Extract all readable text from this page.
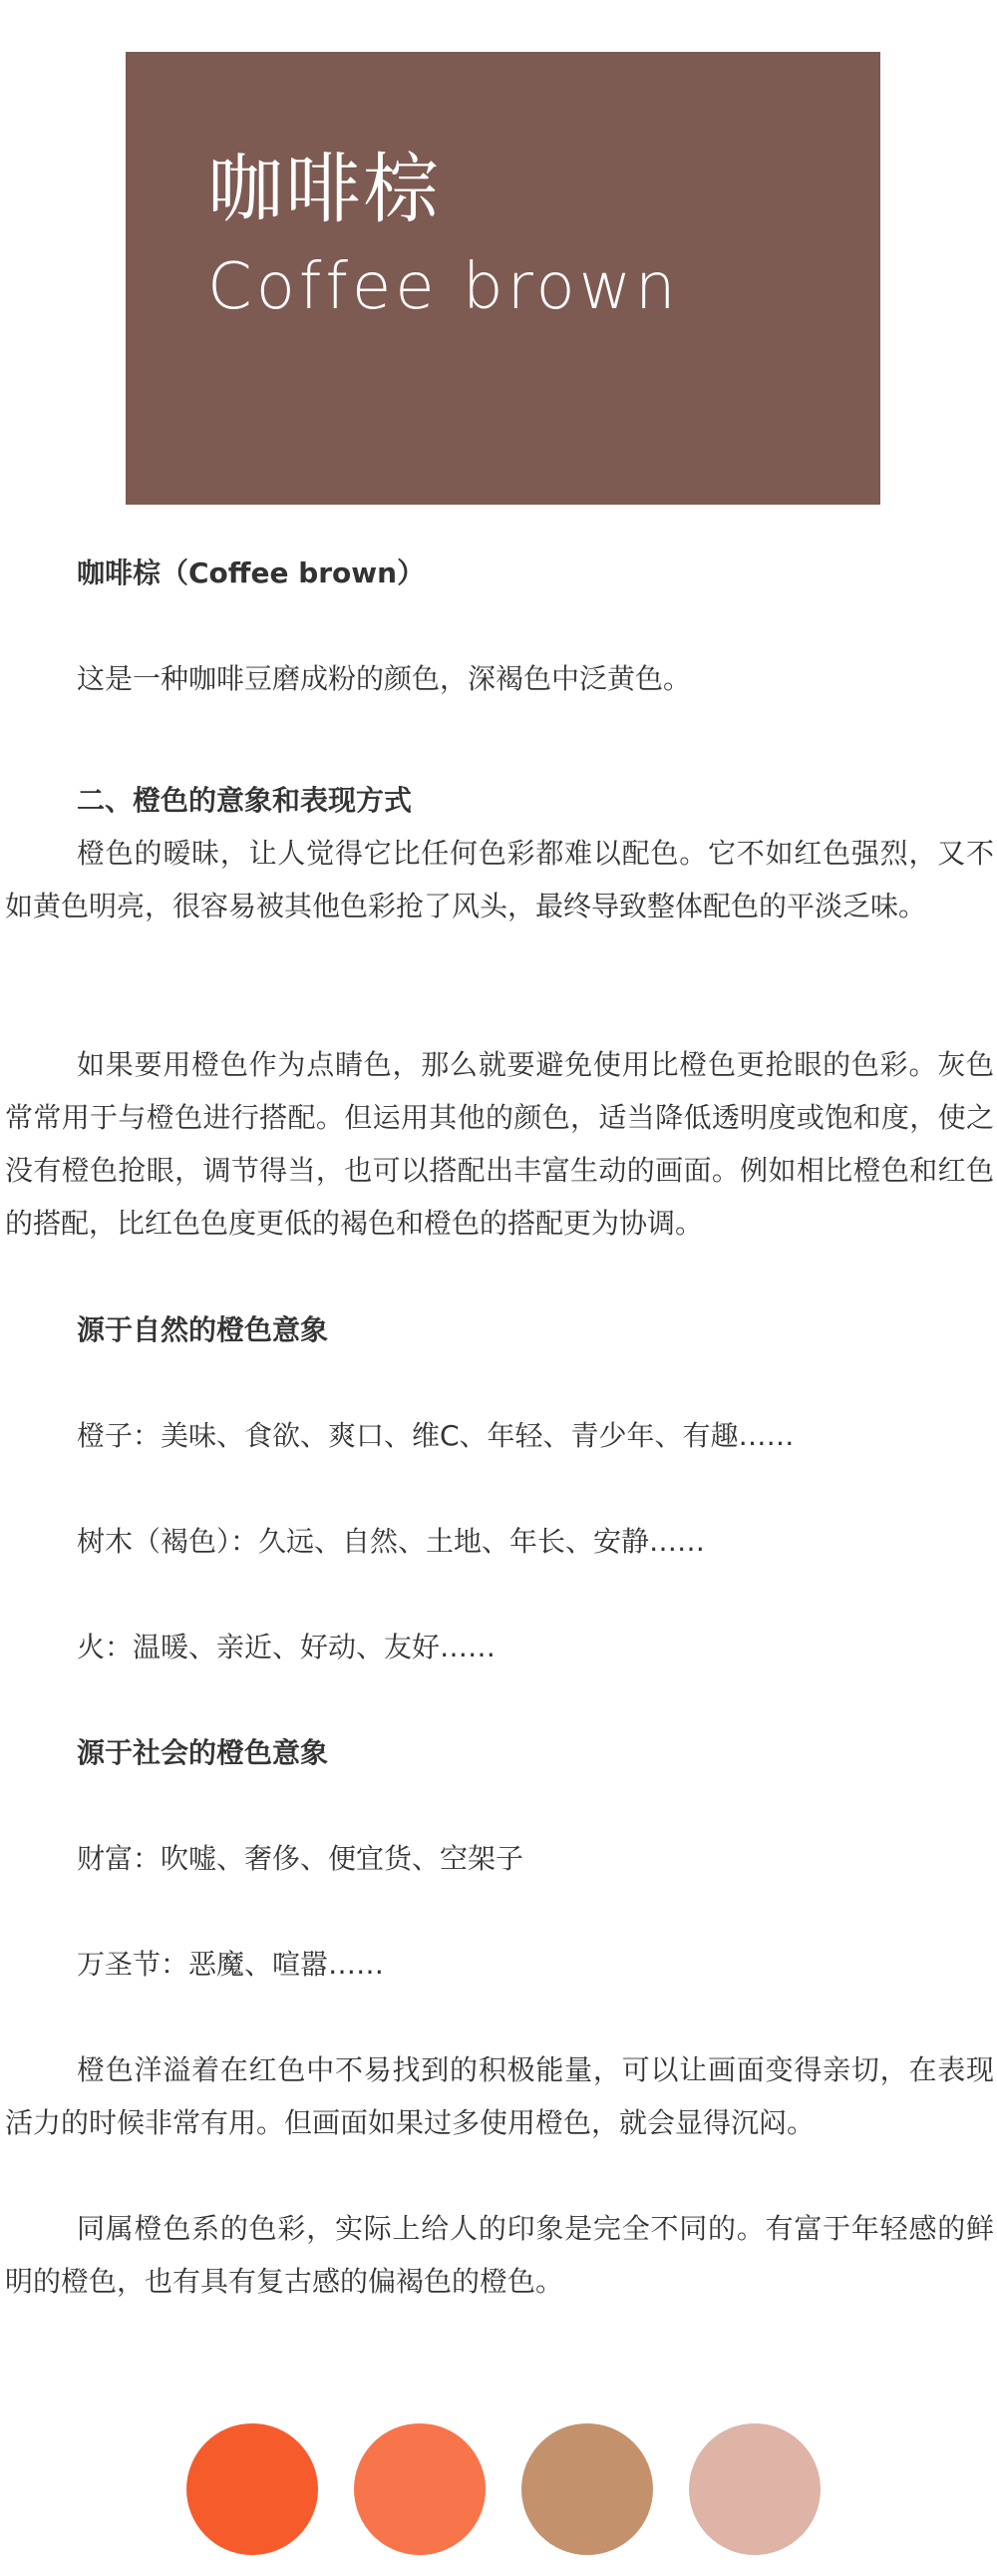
咖啡棕
Coffee brown

咖啡棕（Coffee brown）

这是一种咖啡豆磨成粉的颜色，深褐色中泛黄色。

二、橙色的意象和表现方式

橙色的暧昧，让人觉得它比任何色彩都难以配色。它不如红色强烈，又不如黄色明亮，很容易被其他色彩抢了风头，最终导致整体配色的平淡乏味。

如果要用橙色作为点睛色，那么就要避免使用比橙色更抢眼的色彩。灰色常常用于与橙色进行搭配。但运用其他的颜色，适当降低透明度或饱和度，使之没有橙色抢眼，调节得当，也可以搭配出丰富生动的画面。例如相比橙色和红色的搭配，比红色色度更低的褐色和橙色的搭配更为协调。

源于自然的橙色意象

橙子：美味、食欲、爽口、维C、年轻、青少年、有趣……

树木（褐色）：久远、自然、土地、年长、安静……

火：温暖、亲近、好动、友好……

源于社会的橙色意象

财富：吹嘘、奢侈、便宜货、空架子

万圣节：恶魔、喧嚣……

橙色洋溢着在红色中不易找到的积极能量，可以让画面变得亲切，在表现活力的时候非常有用。但画面如果过多使用橙色，就会显得沉闷。

同属橙色系的色彩，实际上给人的印象是完全不同的。有富于年轻感的鲜明的橙色，也有具有复古感的偏褐色的橙色。
